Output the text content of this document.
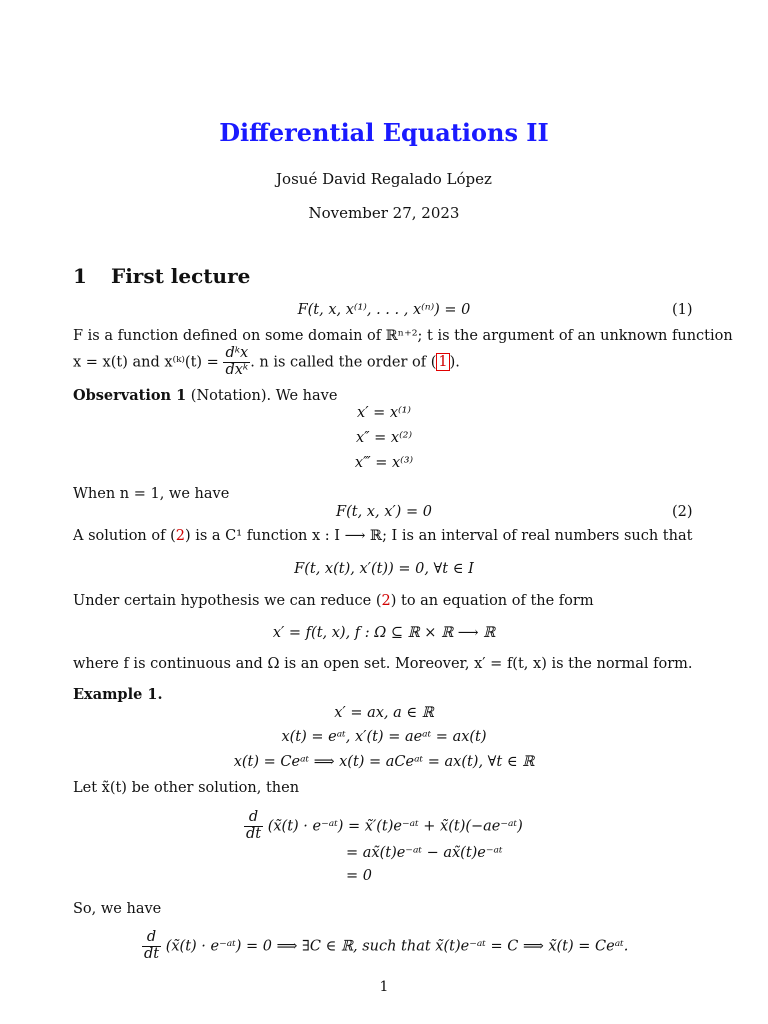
Differential Equations II
Josué David Regalado López
November 27, 2023
1 First lecture
F(t, x, x⁽¹⁾, . . . , x⁽ⁿ⁾) = 0	(1)
F is a function defined on some domain of ℝⁿ⁺²; t is the argument of an unknown function
x = x(t) and x⁽ᵏ⁾(t) = $\frac{\text{dᵏx}}{\text{dxᵏ}}$ . n is called the order of ( 1 ).
Observation 1 (Notation). We have
x′ = x⁽¹⁾
x″ = x⁽²⁾
x‴ = x⁽³⁾
When n = 1, we have
F(t, x, x′) = 0	(2)
A solution of (2) is a C¹ function x : I ⟶ ℝ; I is an interval of real numbers such that
F(t, x(t), x′(t)) = 0, ∀t ∈ I
Under certain hypothesis we can reduce (2) to an equation of the form
x′ = f(t, x), f : Ω ⊆ ℝ × ℝ ⟶ ℝ
where f is continuous and Ω is an open set. Moreover, x′ = f(t, x) is the normal form.
Example 1.
x′ = ax, a ∈ ℝ
x(t) = eᵃᵗ, x′(t) = aeᵃᵗ = ax(t)
x(t) = Ceᵃᵗ ⟹ x(t) = aCeᵃᵗ = ax(t), ∀t ∈ ℝ
Let x̃(t) be other solution, then
$\frac{d}{dt}$ (x̃(t) · e⁻ᵃᵗ) = x̃′(t)e⁻ᵃᵗ + x̃(t)(−ae⁻ᵃᵗ)
= ax̃(t)e⁻ᵃᵗ − ax̃(t)e⁻ᵃᵗ
= 0
So, we have
$\frac{d}{dt}$ (x̃(t) · e⁻ᵃᵗ) = 0 ⟹ ∃C ∈ ℝ, such that x̃(t)e⁻ᵃᵗ = C ⟹ x̃(t) = Ceᵃᵗ.
1
